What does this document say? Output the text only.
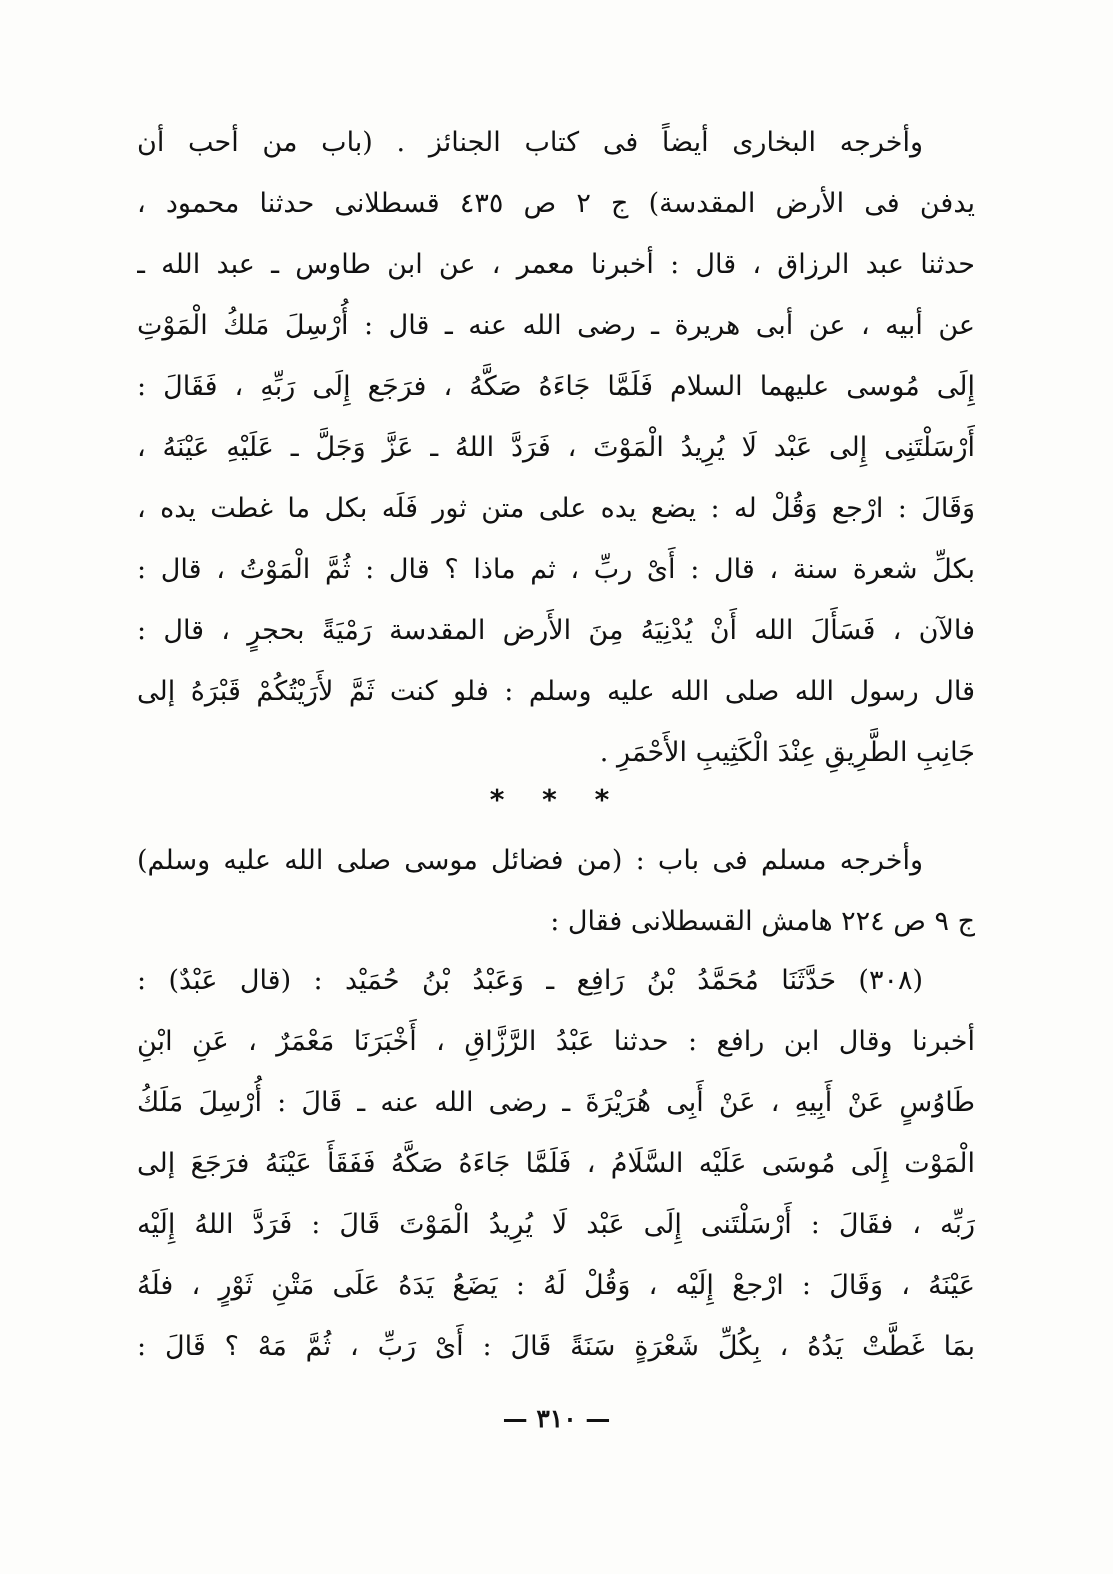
وأخرجه البخارى أيضاً فى كتاب الجنائز . (باب من أحب أن
يدفن فى الأرض المقدسة) ج ٢ ص ٤٣٥ قسطلانى حدثنا محمود ،
حدثنا عبد الرزاق ، قال : أخبرنا معمر ، عن ابن طاوس ـ عبد الله ـ
عن أبيه ، عن أبى هريرة ـ رضى الله عنه ـ قال : أُرْسِلَ مَلكُ الْمَوْتِ
إِلَى مُوسى عليهما السلام فَلَمَّا جَاءَهُ صَكَّهُ ، فرَجَع إِلَى رَبِّهِ ، فَقَالَ :
أَرْسَلْتَنِى إِلى عَبْد لَا يُرِيدُ الْمَوْتَ ، فَرَدَّ اللهُ ـ عَزَّ وَجَلَّ ـ عَلَيْهِ عَيْنَهُ ،
وَقَالَ : ارْجع وَقُلْ له : يضع يده على متن ثور فَلَه بكل ما غطت يده ،
بكلِّ شعرة سنة ، قال : أَىْ ربِّ ، ثم ماذا ؟ قال : ثُمَّ الْمَوْتُ ، قال :
فالآن ، فَسَأَلَ الله أَنْ يُدْنِيَهُ مِنَ الأَرض المقدسة رَمْيَةً بحجرٍ ، قال :
قال رسول الله صلى الله عليه وسلم : فلو كنت ثَمَّ لأَرَيْتُكُمْ قَبْرَهُ إلى
جَانِبِ الطَّرِيقِ عِنْدَ الْكَثِيبِ الأَحْمَرِ .
* * *
وأخرجه مسلم فى باب : (من فضائل موسى صلى الله عليه وسلم)
ج ٩ ص ٢٢٤ هامش القسطلانى فقال :
(٣٠٨) حَدَّثَنَا مُحَمَّدُ بْنُ رَافِع ـ وَعَبْدُ بْنُ حُمَيْد : (قال عَبْدٌ) :
أخبرنا وقال ابن رافع : حدثنا عَبْدُ الرَّزَّاقِ ، أَخْبَرَنَا مَعْمَرٌ ، عَنِ ابْنِ
طَاوُسٍ عَنْ أَبِيهِ ، عَنْ أَبِى هُرَيْرَةَ ـ رضى الله عنه ـ قَالَ : أُرْسِلَ مَلَكُ
الْمَوْت إِلَى مُوسَى عَلَيْه السَّلَامُ ، فَلَمَّا جَاءَهُ صَكَّهُ فَفَقَأَ عَيْنَهُ فرَجَعَ إلى
رَبِّه ، فقَالَ : أَرْسَلْتَنى إِلَى عَبْد لَا يُرِيدُ الْمَوْتَ قَالَ : فَرَدَّ اللهُ إِلَيْه
عَيْنَهُ ، وَقَالَ : ارْجعْ إِلَيْه ، وَقُلْ لَهُ : يَضَعُ يَدَهُ عَلَى مَتْنِ ثَوْرٍ ، فلَهُ
بمَا غَطَّتْ يَدُهُ ، بِكُلِّ شَعْرَةٍ سَنَةً قَالَ : أَىْ رَبِّ ، ثُمَّ مَهْ ؟ قَالَ :
— ٣١٠ —
